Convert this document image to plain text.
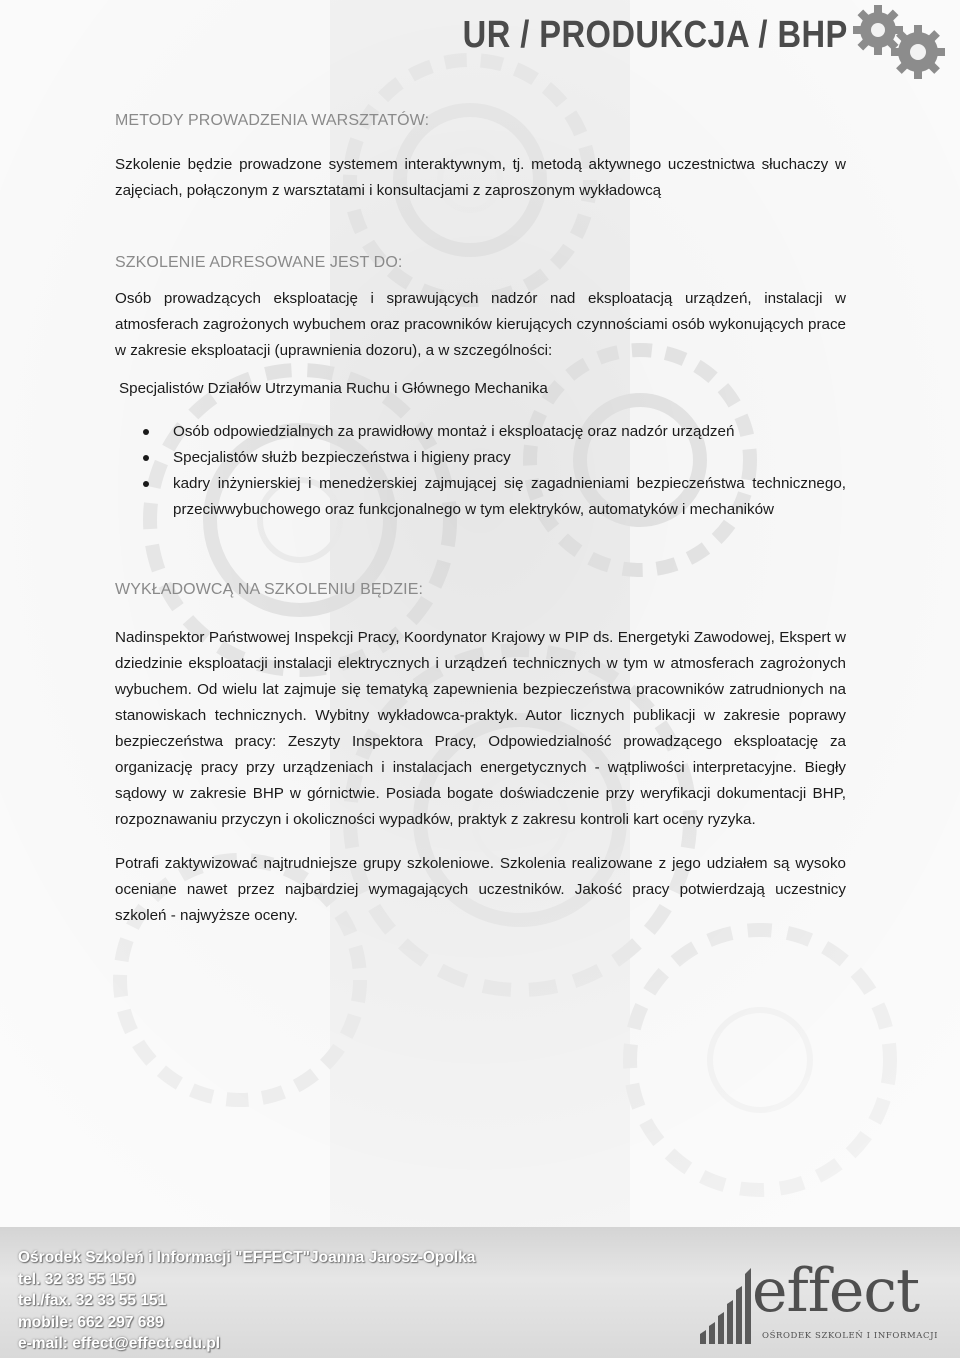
UR / PRODUKCJA / BHP
METODY PROWADZENIA WARSZTATÓW:

Szkolenie będzie prowadzone systemem interaktywnym, tj. metodą aktywnego uczestnictwa słuchaczy w zajęciach, połączonym z warsztatami i konsultacjami z zaproszonym wykładowcą

SZKOLENIE ADRESOWANE JEST DO:

Osób prowadzących eksploatację i sprawujących nadzór nad eksploatacją urządzeń, instalacji w atmosferach zagrożonych wybuchem oraz pracowników kierujących czynnościami osób wykonujących prace w zakresie eksploatacji (uprawnienia dozoru), a w szczególności:

Specjalistów Działów Utrzymania Ruchu i Głównego Mechanika

Osób odpowiedzialnych za prawidłowy montaż i eksploatację oraz nadzór urządzeń
Specjalistów służb bezpieczeństwa i higieny pracy
kadry inżynierskiej i menedżerskiej zajmującej się zagadnieniami bezpieczeństwa technicznego, przeciwwybuchowego oraz funkcjonalnego w tym elektryków, automatyków i mechaników
WYKŁADOWCĄ NA SZKOLENIU BĘDZIE:

Nadinspektor Państwowej Inspekcji Pracy, Koordynator Krajowy w PIP ds. Energetyki Zawodowej, Ekspert w dziedzinie eksploatacji instalacji elektrycznych i urządzeń technicznych w tym w atmosferach zagrożonych wybuchem. Od wielu lat zajmuje się tematyką zapewnienia bezpieczeństwa pracowników zatrudnionych na stanowiskach technicznych. Wybitny wykładowca-praktyk. Autor licznych publikacji w zakresie poprawy bezpieczeństwa pracy: Zeszyty Inspektora Pracy, Odpowiedzialność prowadzącego eksploatację za organizację pracy przy urządzeniach i instalacjach energetycznych - wątpliwości interpretacyjne. Biegły sądowy w zakresie BHP w górnictwie. Posiada bogate doświadczenie przy weryfikacji dokumentacji BHP, rozpoznawaniu przyczyn i okoliczności wypadków, praktyk z zakresu kontroli kart oceny ryzyka.

Potrafi zaktywizować najtrudniejsze grupy szkoleniowe. Szkolenia realizowane z jego udziałem są wysoko oceniane nawet przez najbardziej wymagających uczestników. Jakość pracy potwierdzają uczestnicy szkoleń - najwyższe oceny.

Ośrodek Szkoleń i Informacji "EFFECT"Joanna Jarosz-Opolka
tel. 32 33 55 150
tel./fax. 32 33 55 151
mobile: 662 297 689
e-mail: effect@effect.edu.pl
effect
OŚRODEK SZKOLEŃ I INFORMACJI
